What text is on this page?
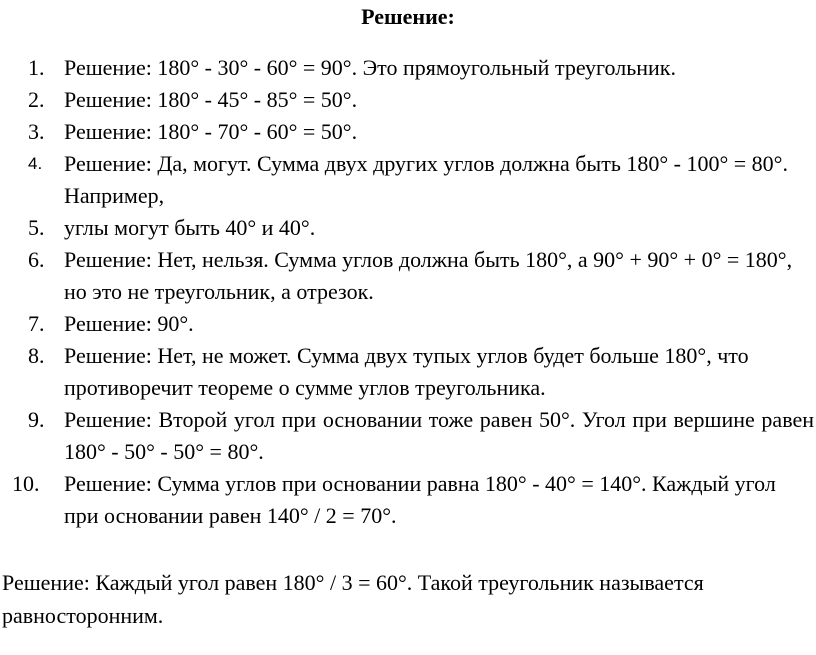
Решение:
1. Решение: 180° - 30° - 60° = 90°. Это прямоугольный треугольник.
2. Решение: 180° - 45° - 85° = 50°.
3. Решение: 180° - 70° - 60° = 50°.
4. Решение: Да, могут. Сумма двух других углов должна быть 180° - 100° = 80°. Например,
5. углы могут быть 40° и 40°.
6. Решение: Нет, нельзя. Сумма углов должна быть 180°, а 90° + 90° + 0° = 180°, но это не треугольник, а отрезок.
7. Решение: 90°.
8. Решение: Нет, не может. Сумма двух тупых углов будет больше 180°, что противоречит теореме о сумме углов треугольника.
9. Решение: Второй угол при основании тоже равен 50°. Угол при вершине равен 180° - 50° - 50° = 80°.
10. Решение: Сумма углов при основании равна 180° - 40° = 140°. Каждый угол при основании равен 140° / 2 = 70°.
Решение: Каждый угол равен 180° / 3 = 60°. Такой треугольник называется равносторонним.
